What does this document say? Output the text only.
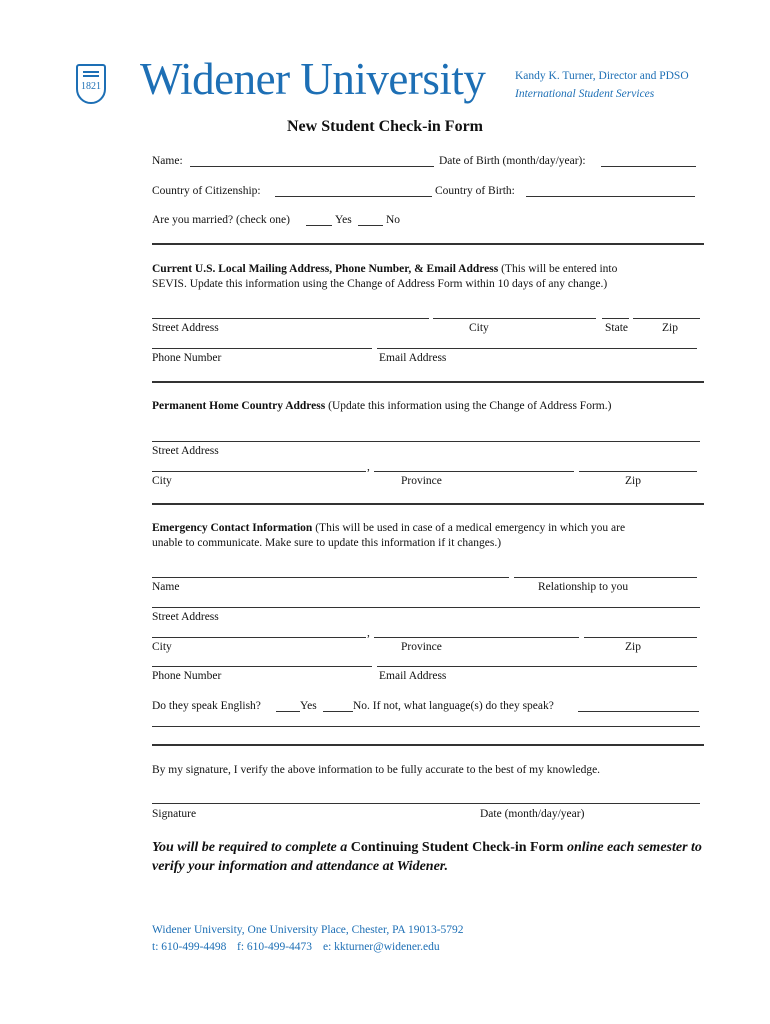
1821 Widener University	Kandy K. Turner, Director and PDSO
International Student Services
New Student Check-in Form
Name:	Date of Birth (month/day/year):
Country of Citizenship:	Country of Birth:
Are you married? (check one)	Yes	No
Current U.S. Local Mailing Address, Phone Number, & Email Address (This will be entered into
SEVIS. Update this information using the Change of Address Form within 10 days of any change.)
Street Address	City	State	Zip
Phone Number	Email Address
Permanent Home Country Address (Update this information using the Change of Address Form.)
Street Address
,
City	Province	Zip
Emergency Contact Information (This will be used in case of a medical emergency in which you are
unable to communicate. Make sure to update this information if it changes.)
Name	Relationship to you
Street Address
,
City	Province	Zip
Phone Number	Email Address
Do they speak English?	Yes	No. If not, what language(s) do they speak?
By my signature, I verify the above information to be fully accurate to the best of my knowledge.
Signature	Date (month/day/year)
You will be required to complete a Continuing Student Check-in Form online each semester to verify your information and attendance at Widener.
Widener University, One University Place, Chester, PA 19013-5792
t: 610-499-4498 f: 610-499-4473 e: kkturner@widener.edu
